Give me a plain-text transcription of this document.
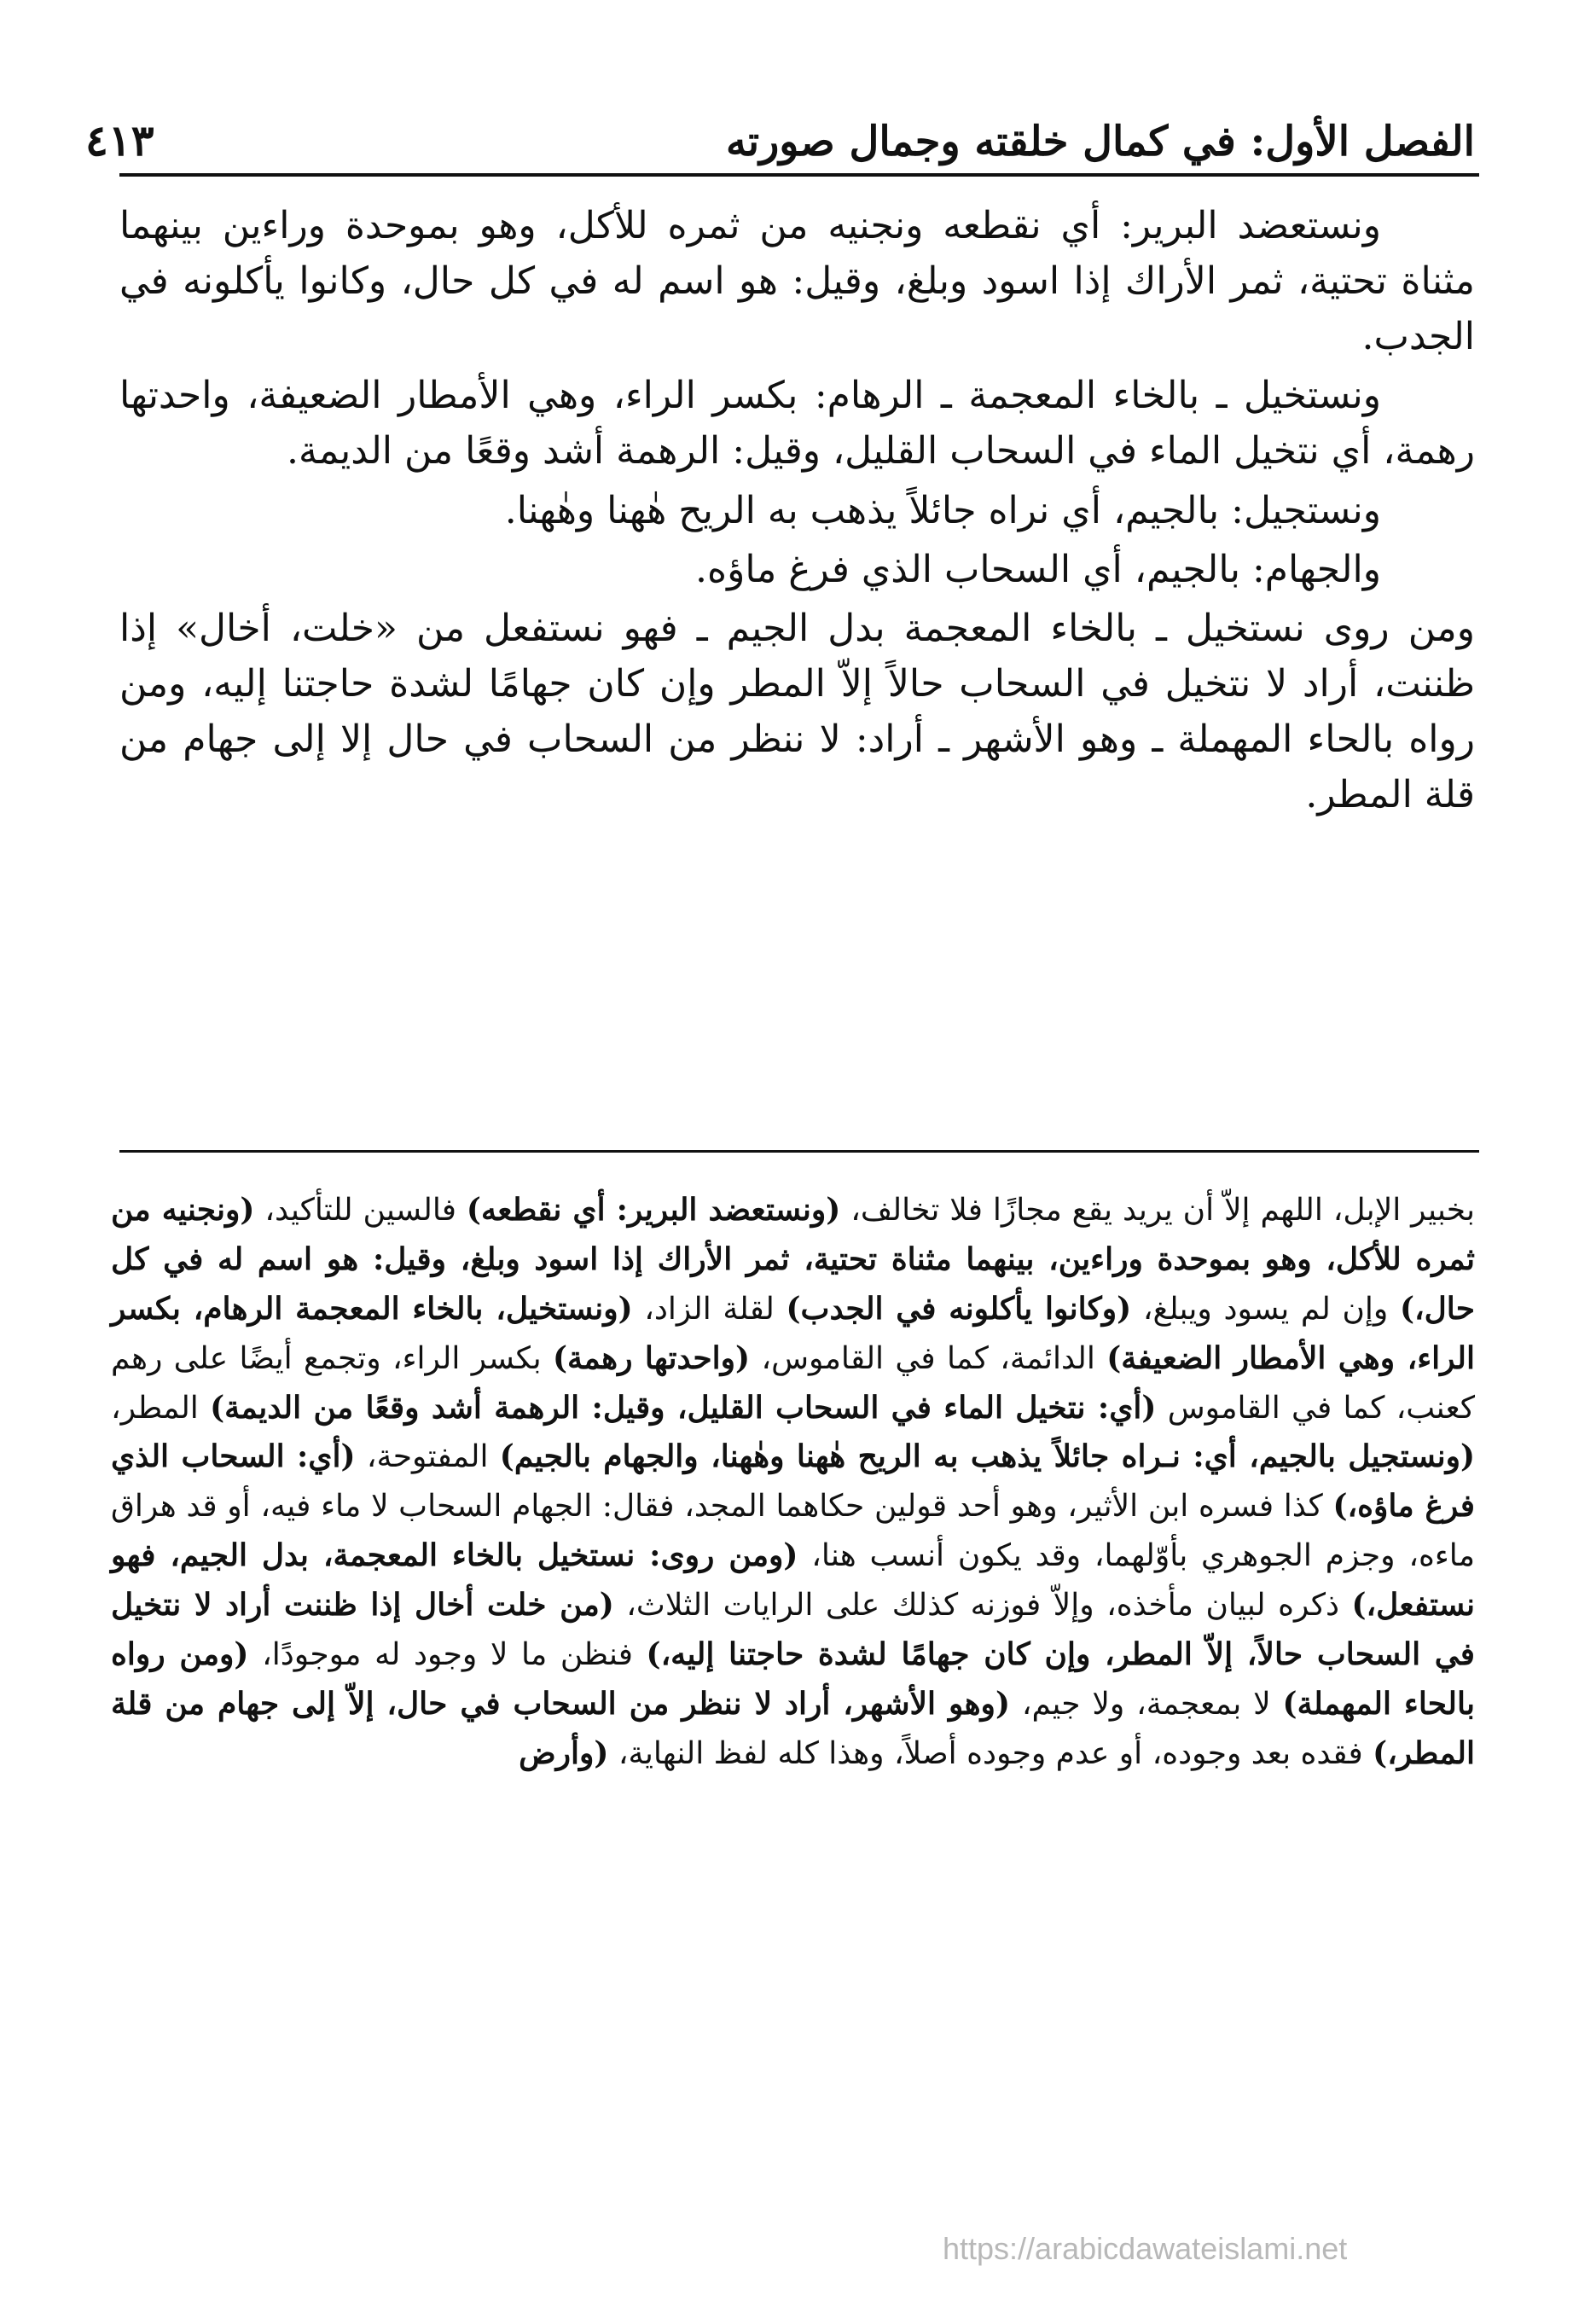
الفصل الأول: في كمال خلقته وجمال صورته
٤١٣

ونستعضد البرير: أي نقطعه ونجنيه من ثمره للأكل، وهو بموحدة وراءين بينهما مثناة تحتية، ثمر الأراك إذا اسود وبلغ، وقيل: هو اسم له في كل حال، وكانوا يأكلونه في الجدب.

ونستخيل ـ بالخاء المعجمة ـ الرهام: بكسر الراء، وهي الأمطار الضعيفة، واحدتها رهمة، أي نتخيل الماء في السحاب القليل، وقيل: الرهمة أشد وقعًا من الديمة.

ونستجيل: بالجيم، أي نراه جائلاً يذهب به الريح هٰهنا وهٰهنا.

والجهام: بالجيم، أي السحاب الذي فرغ ماؤه.

ومن روى نستخيل ـ بالخاء المعجمة بدل الجيم ـ فهو نستفعل من «خلت، أخال» إذا ظننت، أراد لا نتخيل في السحاب حالاً إلاّ المطر وإن كان جهامًا لشدة حاجتنا إليه، ومن رواه بالحاء المهملة ـ وهو الأشهر ـ أراد: لا ننظر من السحاب في حال إلا إلى جهام من قلة المطر.

بخبير الإبل، اللهم إلاّ أن يريد يقع مجازًا فلا تخالف، (ونستعضد البرير: أي نقطعه) فالسين للتأكيد، (ونجنيه من ثمره للأكل، وهو بموحدة وراءين، بينهما مثناة تحتية، ثمر الأراك إذا اسود وبلغ، وقيل: هو اسم له في كل حال،) وإن لم يسود ويبلغ، (وكانوا يأكلونه في الجدب) لقلة الزاد، (ونستخيل، بالخاء المعجمة الرهام، بكسر الراء، وهي الأمطار الضعيفة) الدائمة، كما في القاموس، (واحدتها رهمة) بكسر الراء، وتجمع أيضًا على رهم كعنب، كما في القاموس (أي: نتخيل الماء في السحاب القليل، وقيل: الرهمة أشد وقعًا من الديمة) المطر، (ونستجيل بالجيم، أي: نـراه جائلاً يذهب به الريح هٰهنا وهٰهنا، والجهام بالجيم) المفتوحة، (أي: السحاب الذي فرغ ماؤه،) كذا فسره ابن الأثير، وهو أحد قولين حكاهما المجد، فقال: الجهام السحاب لا ماء فيه، أو قد هراق ماءه، وجزم الجوهري بأوّلهما، وقد يكون أنسب هنا، (ومن روى: نستخيل بالخاء المعجمة، بدل الجيم، فهو نستفعل،) ذكره لبيان مأخذه، وإلاّ فوزنه كذلك على الرايات الثلاث، (من خلت أخال إذا ظننت أراد لا نتخيل في السحاب حالاً، إلاّ المطر، وإن كان جهامًا لشدة حاجتنا إليه،) فنظن ما لا وجود له موجودًا، (ومن رواه بالحاء المهملة) لا بمعجمة، ولا جيم، (وهو الأشهر، أراد لا ننظر من السحاب في حال، إلاّ إلى جهام من قلة المطر،) فقده بعد وجوده، أو عدم وجوده أصلاً، وهذا كله لفظ النهاية، (وأرض

https://arabicdawateislami.net
